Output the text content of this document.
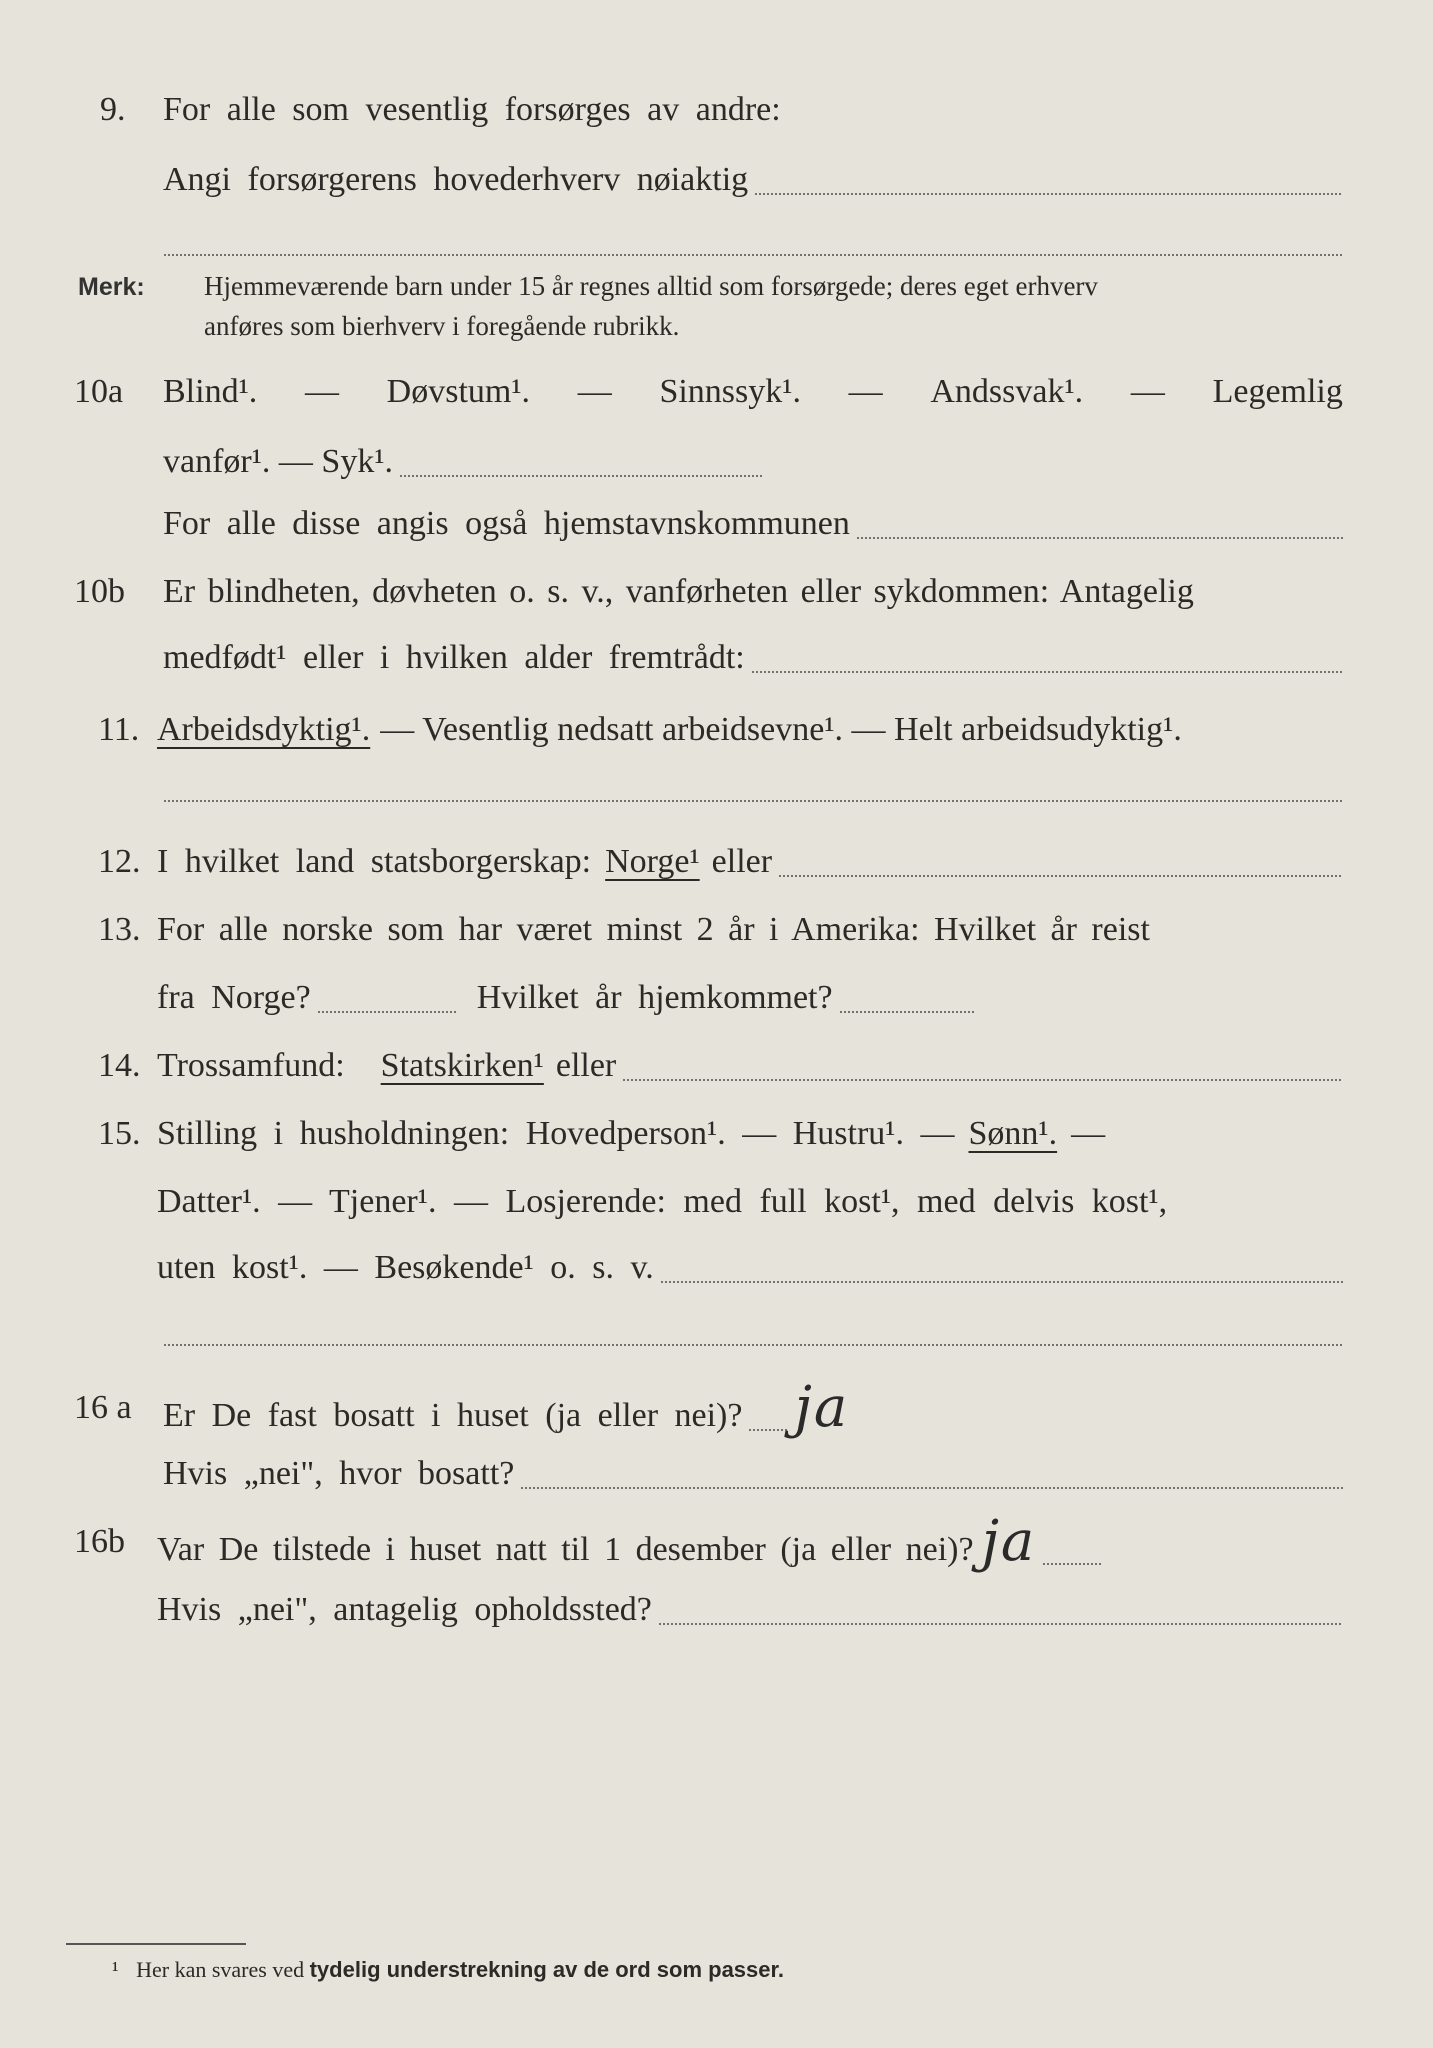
9. For alle som vesentlig forsørges av andre:
Angi forsørgerens hovederhverv nøiaktig
Merk: Hjemmeværende barn under 15 år regnes alltid som forsørgede; deres eget erhverv
anføres som bierhverv i foregående rubrikk.
10a Blind¹. — Døvstum¹. — Sinnssyk¹. — Andssvak¹. — Legemlig
vanfør¹. — Syk¹.
For alle disse angis også hjemstavnskommunen
10b Er blindheten, døvheten o. s. v., vanførheten eller sykdommen: Antagelig
medfødt¹ eller i hvilken alder fremtrådt:
11. Arbeidsdyktig¹. — Vesentlig nedsatt arbeidsevne¹. — Helt arbeidsudyktig¹.
12. I hvilket land statsborgerskap: Norge¹ eller
13. For alle norske som har været minst 2 år i Amerika: Hvilket år reist
fra Norge?	Hvilket år hjemkommet?
14. Trossamfund: Statskirken¹ eller
15. Stilling i husholdningen: Hovedperson¹. — Hustru¹. — Sønn¹. —
Datter¹. — Tjener¹. — Losjerende: med full kost¹, med delvis kost¹,
uten kost¹. — Besøkende¹ o. s. v.
16 a Er De fast bosatt i huset (ja eller nei)? ja
Hvis „nei", hvor bosatt?
16b Var De tilstede i huset natt til 1 desember (ja eller nei)? ja
Hvis „nei", antagelig opholdssted?
¹ Her kan svares ved tydelig understrekning av de ord som passer.
